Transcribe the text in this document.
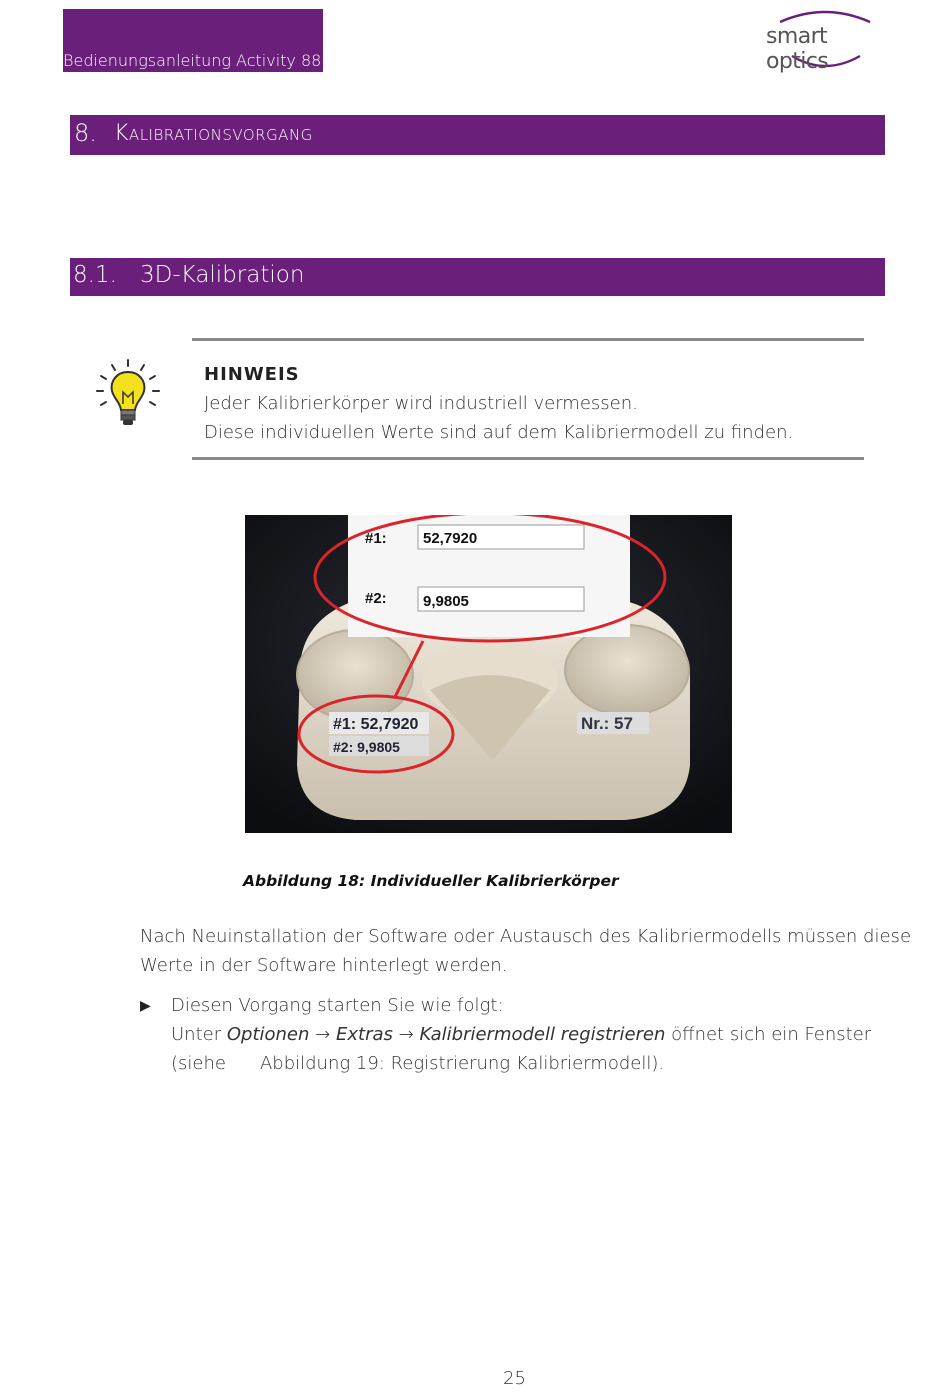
Bedienungsanleitung Activity 888
smart optics
8. Kalibrationsvorgang
8.1. 3D-Kalibration
HINWEIS
Jeder Kalibrierkörper wird industriell vermessen.
Diese individuellen Werte sind auf dem Kalibriermodell zu finden.
#1: 52,7920
#2: 9,9805
Nr.: 57
#1: 52,7920
#2: 9,9805
Abbildung 18: Individueller Kalibrierkörper
Nach Neuinstallation der Software oder Austausch des Kalibriermodells müssen diese
Werte in der Software hinterlegt werden.
▶ Diesen Vorgang starten Sie wie folgt:
Unter Optionen → Extras → Kalibriermodell registrieren öffnet sich ein Fenster
(siehe Abbildung 19: Registrierung Kalibriermodell).
25
